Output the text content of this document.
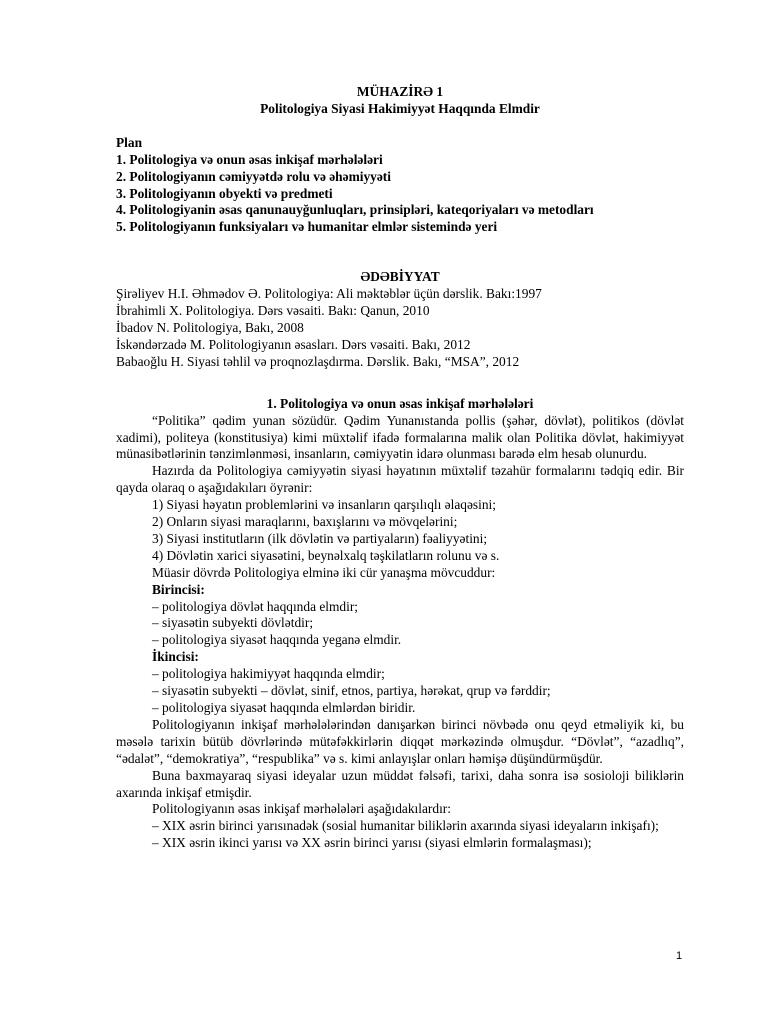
MÜHAZİRƏ 1
Politologiya Siyasi Hakimiyyət Haqqında Elmdir
Plan
1. Politologiya və onun əsas inkişaf mərhələləri
2. Politologiyanın cəmiyyətdə rolu və əhəmiyyəti
3. Politologiyanın obyekti və predmeti
4. Politologiyanin əsas qanunauyğunluqları, prinsipləri, kateqoriyaları və metodları
5. Politologiyanın funksiyaları və humanitar elmlər sistemində yeri
ƏDƏBİYYAT
Şirəliyev H.I. Əhmədov Ə. Politologiya: Ali məktəblər üçün dərslik. Bakı:1997
İbrahimli X. Politologiya. Dərs vəsaiti. Bakı: Qanun, 2010
İbadov N. Politologiya, Bakı, 2008
İskəndərzadə M. Politologiyanın əsasları. Dərs vəsaiti. Bakı, 2012
Babaoğlu H. Siyasi təhlil və proqnozlaşdırma. Dərslik. Bakı, “MSA”, 2012
1. Politologiya və onun əsas inkişaf mərhələləri

“Politika” qədim yunan sözüdür. Qədim Yunanıstanda pollis (şəhər, dövlət), politikos (dövlət xadimi), politeya (konstitusiya) kimi müxtəlif ifadə formalarına malik olan Politika dövlət, hakimiyyət münasibətlərinin tənzimlənməsi, insanların, cəmiyyətin idarə olunması barədə elm hesab olunurdu.

Hazırda da Politologiya cəmiyyətin siyasi həyatının müxtəlif təzahür formalarını tədqiq edir. Bir qayda olaraq o aşağıdakıları öyrənir:

1) Siyasi həyatın problemlərini və insanların qarşılıqlı əlaqəsini;

2) Onların siyasi maraqlarını, baxışlarını və mövqelərini;

3) Siyasi institutların (ilk dövlətin və partiyaların) fəaliyyətini;

4) Dövlətin xarici siyasətini, beynəlxalq təşkilatların rolunu və s.

Müasir dövrdə Politologiya elminə iki cür yanaşma mövcuddur:

Birincisi:

– politologiya dövlət haqqında elmdir;

– siyasətin subyekti dövlətdir;

– politologiya siyasət haqqında yeganə elmdir.

İkincisi:

– politologiya hakimiyyət haqqında elmdir;

– siyasətin subyekti – dövlət, sinif, etnos, partiya, hərəkat, qrup və fərddir;

– politologiya siyasət haqqında elmlərdən biridir.

Politologiyanın inkişaf mərhələlərindən danışarkən birinci növbədə onu qeyd etməliyik ki, bu məsələ tarixin bütüb dövrlərində mütəfəkkirlərin diqqət mərkəzində olmuşdur. “Dövlət”, “azadlıq”, “ədalət”, “demokratiya”, “respublika” və s. kimi anlayışlar onları həmişə düşündürmüşdür.

Buna baxmayaraq siyasi ideyalar uzun müddət fəlsəfi, tarixi, daha sonra isə sosioloji biliklərin axarında inkişaf etmişdir.

Politologiyanın əsas inkişaf mərhələləri aşağıdakılardır:

– XIX əsrin birinci yarısınadək (sosial humanitar biliklərin axarında siyasi ideyaların inkişafı);

– XIX əsrin ikinci yarısı və XX əsrin birinci yarısı (siyasi elmlərin formalaşması);

1
